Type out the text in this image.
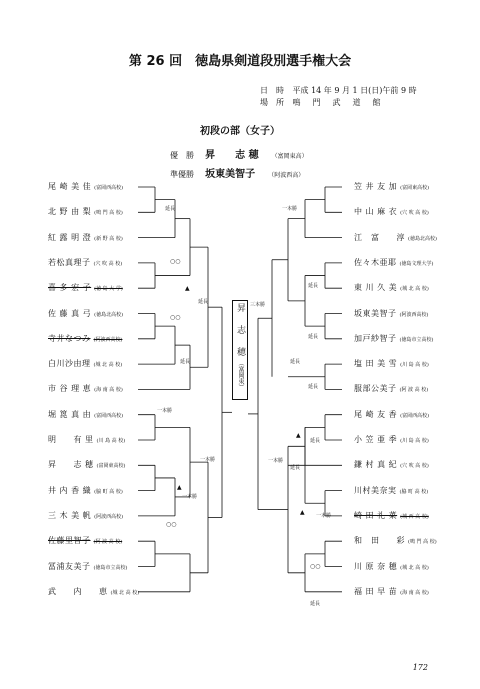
第 26 回　徳島県剣道段別選手権大会
日　時 平成 14 年 9 月 1 日(日)午前 9 時
場　所 鳴　門　武　道　館
初段の部（女子）
優　勝 昇　　志 穂 （富岡東高）
準優勝 坂東美智子 （阿波西高）
尾 崎 美 佳 (富岡西高校)
北 野 由 梨 (鳴 門 高 校)
紅 露 明 澄 (新 野 高 校)
若松真理子 (穴 吹 高 校)
喜 多 宏 子 (徳 島 大 学)
佐 藤 真 弓 (徳島北高校)
寺井なつみ (阿波西高校)
白川沙由理 (城 北 高 校)
市 谷 理 恵 (海 南 高 校)
堀 箆 真 由 (富岡西高校)
明　　有 里 (川 島 高 校)
昇　　志 穂 (富岡東高校)
井 内 香 織 (脇 町 高 校)
三 木 美 帆 (阿波西高校)
佐藤里智子 (阿 波 高 校)
冨浦友美子 (徳島市立高校)
武　　内　　恵 (城 北 高 校)
笠 井 友 加 (富岡東高校)
中 山 麻 衣 (穴 吹 高 校)
江　富　　淳 (徳島北高校)
佐々木亜耶 (徳島文理大学)
東 川 久 美 (城 北 高 校)
坂東美智子 (阿波西高校)
加戸紗智子 (徳島市立高校)
塩 田 美 雪 (川 島 高 校)
服部公美子 (阿 波 高 校)
尾 崎 友 香 (富岡西高校)
小 笠 亜 季 (川 島 高 校)
鎌 村 真 紀 (穴 吹 高 校)
川村美奈実 (脇 町 高 校)
崎 田 礼 菜 (城 西 高 校)
和　田　　彩 (鳴 門 高 校)
川 原 奈 穂 (城 北 高 校)
福 田 早 苗 (海 南 高 校)
昇　志　穂
（富岡東）
延長
延長
延長
一本勝
一本勝
一本勝
一本勝
延長
延長
延長
延長
延長
延長
一本勝
一本勝
延長
三本勝
○○
○○
○○
○○
▲
▲
▲
▲
172
